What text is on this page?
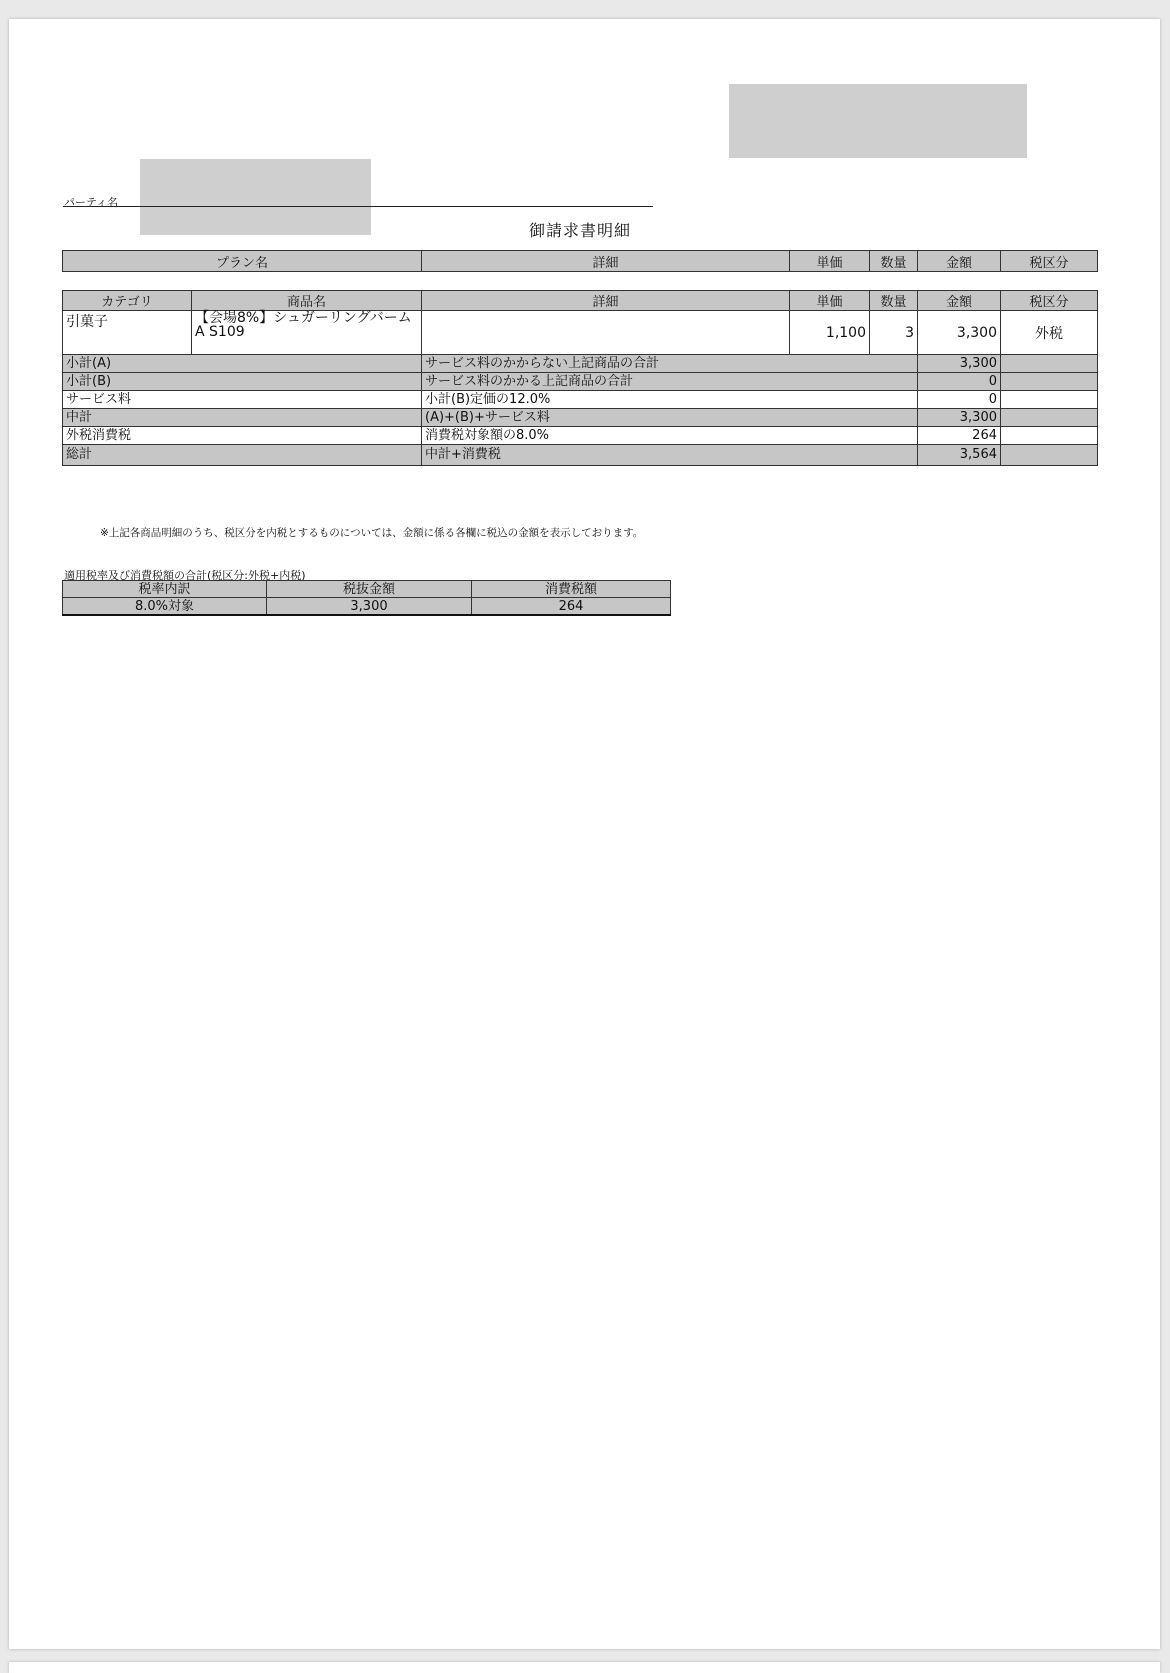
パーティ名
御請求書明細
プラン名	詳細	単価	数量	金額	税区分
カテゴリ	商品名	詳細	単価	数量	金額	税区分
引菓子	【会場8%】シュガーリングバーム　A S109		1,100	3	3,300	外税
小計(A)		サービス料のかからない上記商品の合計			3,300	
小計(B)		サービス料のかかる上記商品の合計			0	
サービス料		小計(B)定価の12.0%			0	
中計		(A)+(B)+サービス料			3,300	
外税消費税		消費税対象額の8.0%			264	
総計		中計+消費税			3,564	
※上記各商品明細のうち、税区分を内税とするものについては、金額に係る各欄に税込の金額を表示しております。
適用税率及び消費税額の合計(税区分:外税+内税)
税率内訳	税抜金額	消費税額
8.0%対象	3,300	264
